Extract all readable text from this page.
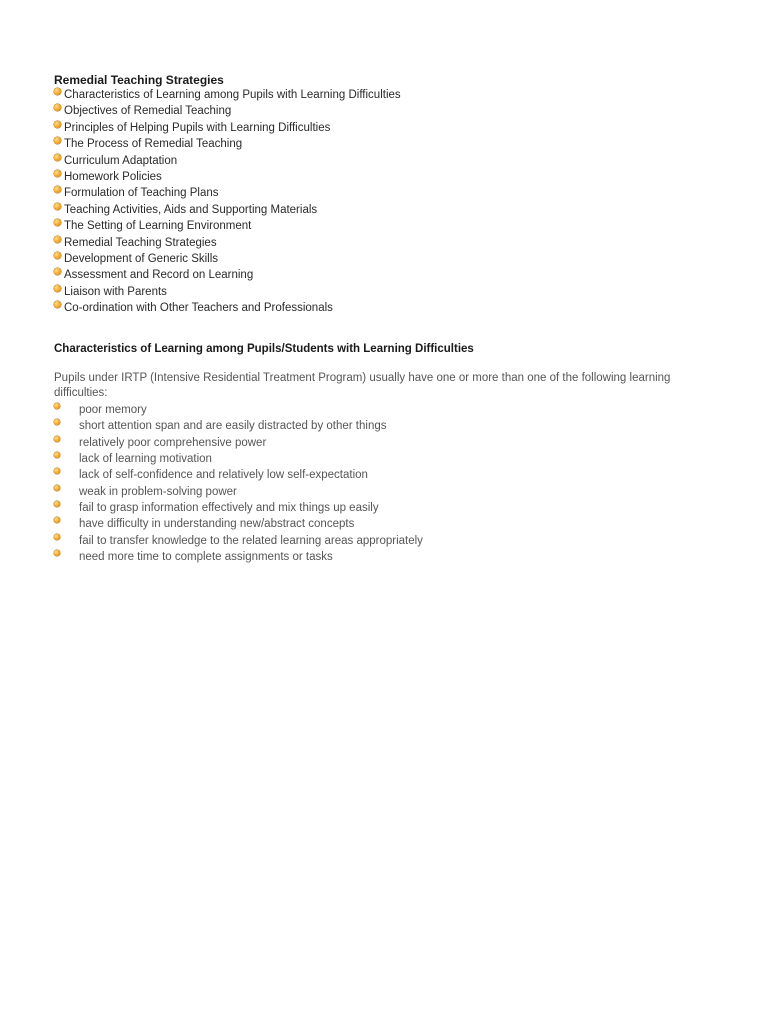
Remedial Teaching Strategies
Characteristics of Learning among Pupils with Learning Difficulties
Objectives of Remedial Teaching
Principles of Helping Pupils with Learning Difficulties
The Process of Remedial Teaching
Curriculum Adaptation
Homework Policies
Formulation of Teaching Plans
Teaching Activities, Aids and Supporting Materials
The Setting of Learning Environment
Remedial Teaching Strategies
Development of Generic Skills
Assessment and Record on Learning
Liaison with Parents
Co-ordination with Other Teachers and Professionals
Characteristics of Learning among Pupils/Students with Learning Difficulties

Pupils under IRTP (Intensive Residential Treatment Program) usually have one or more than one of the following learning difficulties:

poor memory
short attention span and are easily distracted by other things
relatively poor comprehensive power
lack of learning motivation
lack of self-confidence and relatively low self-expectation
weak in problem-solving power
fail to grasp information effectively and mix things up easily
have difficulty in understanding new/abstract concepts
fail to transfer knowledge to the related learning areas appropriately
need more time to complete assignments or tasks
